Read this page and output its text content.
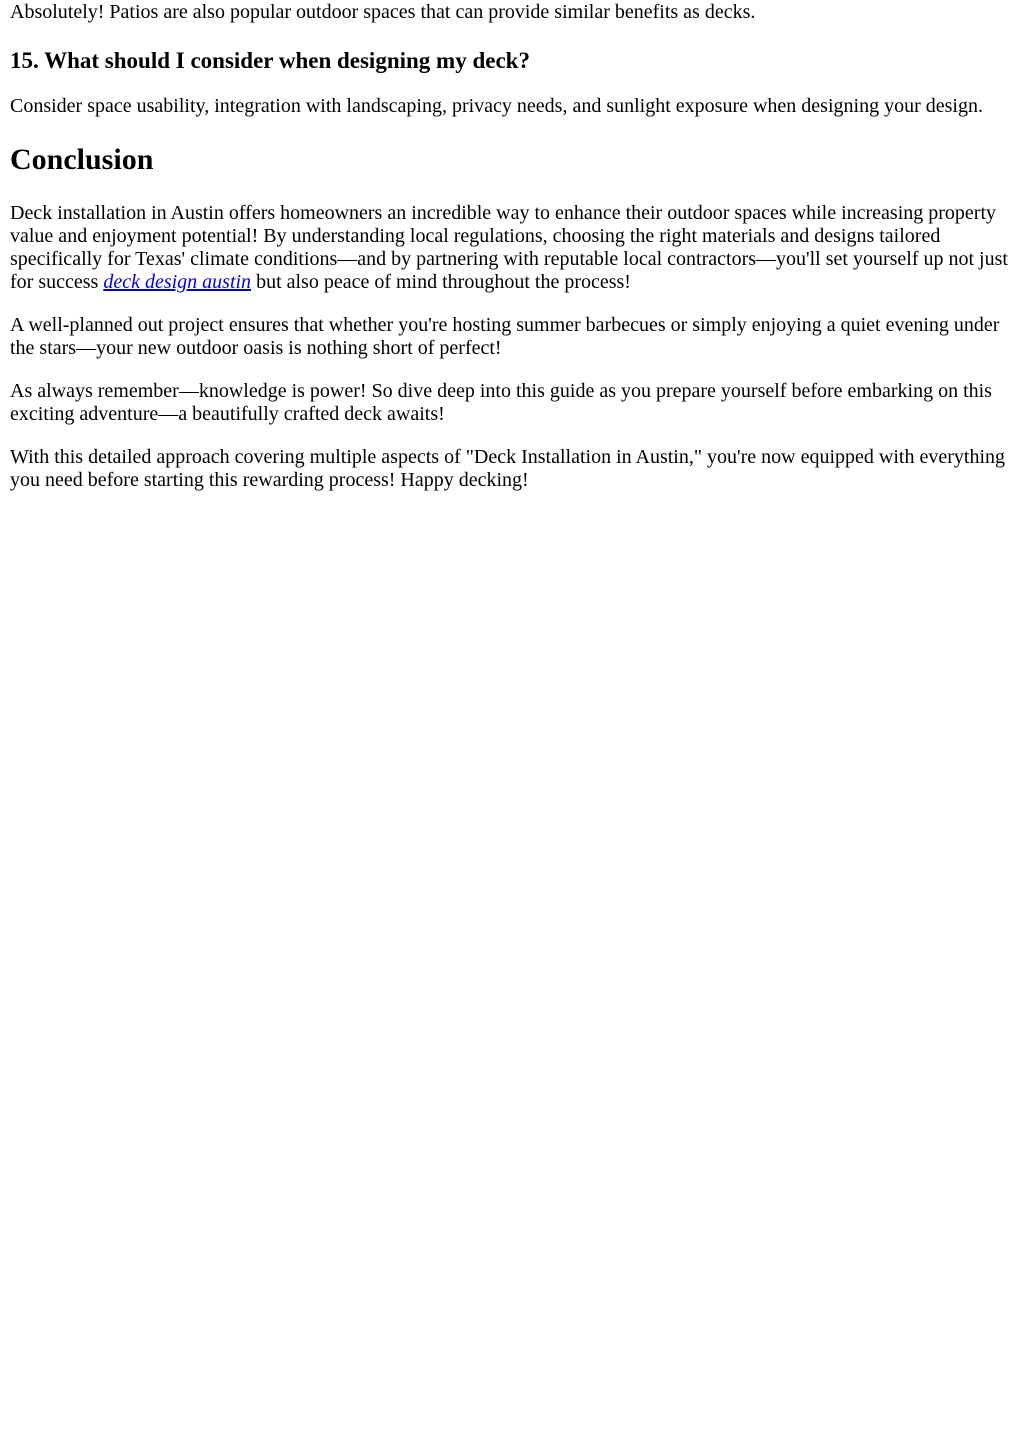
Absolutely! Patios are also popular outdoor spaces that can provide similar benefits as decks.

15. What should I consider when designing my deck?

Consider space usability, integration with landscaping, privacy needs, and sunlight exposure when designing your design.

Conclusion

Deck installation in Austin offers homeowners an incredible way to enhance their outdoor spaces while increasing property value and enjoyment potential! By understanding local regulations, choosing the right materials and designs tailored specifically for Texas' climate conditions—and by partnering with reputable local contractors—you'll set yourself up not just for success deck design austin but also peace of mind throughout the process!

A well-planned out project ensures that whether you're hosting summer barbecues or simply enjoying a quiet evening under the stars—your new outdoor oasis is nothing short of perfect!

As always remember—knowledge is power! So dive deep into this guide as you prepare yourself before embarking on this exciting adventure—a beautifully crafted deck awaits!

With this detailed approach covering multiple aspects of "Deck Installation in Austin," you're now equipped with everything you need before starting this rewarding process! Happy decking!
